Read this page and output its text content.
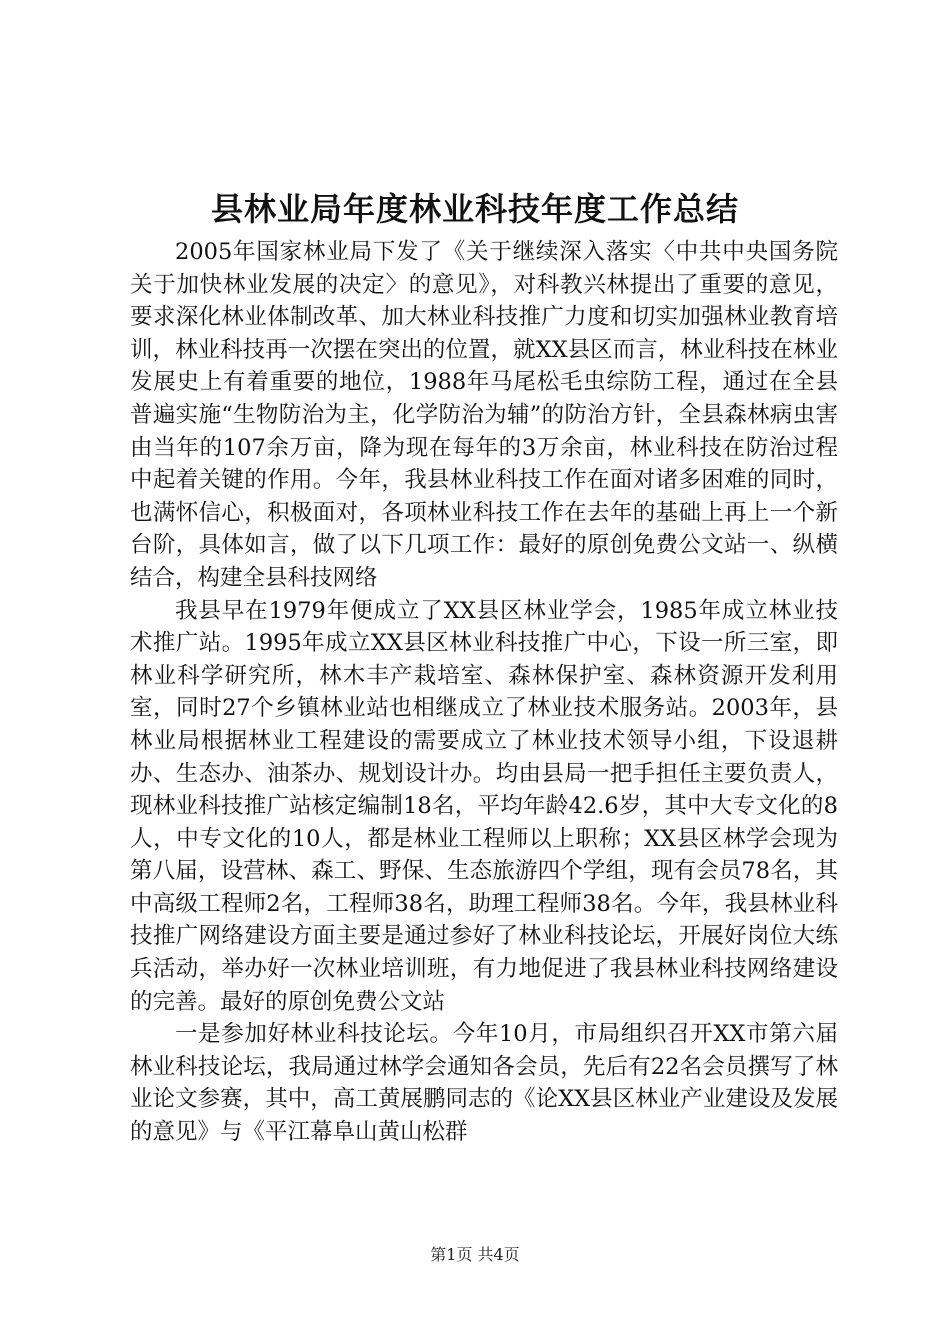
县林业局年度林业科技年度工作总结

2005年国家林业局下发了《关于继续深入落实〈中共中央国务院关于加快林业发展的决定〉的意见》，对科教兴林提出了重要的意见，要求深化林业体制改革、加大林业科技推广力度和切实加强林业教育培训，林业科技再一次摆在突出的位置，就XX县区而言，林业科技在林业发展史上有着重要的地位，1988年马尾松毛虫综防工程，通过在全县普遍实施“生物防治为主，化学防治为辅”的防治方针，全县森林病虫害由当年的107余万亩，降为现在每年的3万余亩，林业科技在防治过程中起着关键的作用。今年，我县林业科技工作在面对诸多困难的同时，也满怀信心，积极面对，各项林业科技工作在去年的基础上再上一个新台阶，具体如言，做了以下几项工作：最好的原创免费公文站一、纵横结合，构建全县科技网络

我县早在1979年便成立了XX县区林业学会，1985年成立林业技术推广站。1995年成立XX县区林业科技推广中心，下设一所三室，即林业科学研究所，林木丰产栽培室、森林保护室、森林资源开发利用室，同时27个乡镇林业站也相继成立了林业技术服务站。2003年，县林业局根据林业工程建设的需要成立了林业技术领导小组，下设退耕办、生态办、油茶办、规划设计办。均由县局一把手担任主要负责人，现林业科技推广站核定编制18名，平均年龄42.6岁，其中大专文化的8人，中专文化的10人，都是林业工程师以上职称；XX县区林学会现为第八届，设营林、森工、野保、生态旅游四个学组，现有会员78名，其中高级工程师2名，工程师38名，助理工程师38名。今年，我县林业科技推广网络建设方面主要是通过参好了林业科技论坛，开展好岗位大练兵活动，举办好一次林业培训班，有力地促进了我县林业科技网络建设的完善。最好的原创免费公文站

一是参加好林业科技论坛。今年10月，市局组织召开XX市第六届林业科技论坛，我局通过林学会通知各会员，先后有22名会员撰写了林业论文参赛，其中，高工黄展鹏同志的《论XX县区林业产业建设及发展的意见》与《平江幕阜山黄山松群

第1页 共4页
